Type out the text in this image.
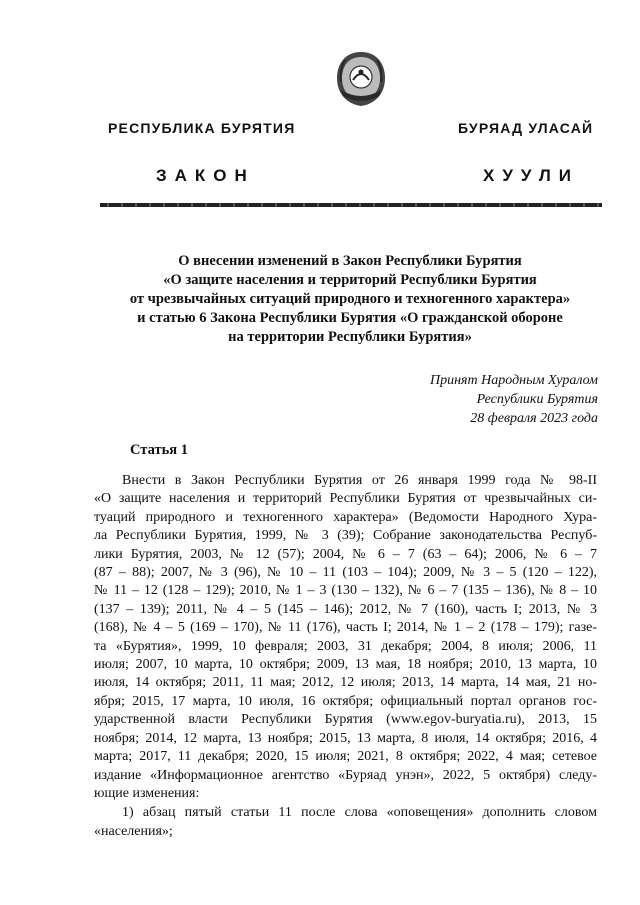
РЕСПУБЛИКА БУРЯТИЯ	БУРЯАД УЛАСАЙ
ЗАКОН	ХУУЛИ
О внесении изменений в Закон Республики Бурятия
«О защите населения и территорий Республики Бурятия
от чрезвычайных ситуаций природного и техногенного характера»
и статью 6 Закона Республики Бурятия «О гражданской обороне
на территории Республики Бурятия»
Принят Народным Хуралом
Республики Бурятия
28 февраля 2023 года
Статья 1
Внести в Закон Республики Бурятия от 26 января 1999 года № 98-II
«О защите населения и территорий Республики Бурятия от чрезвычайных си-
туаций природного и техногенного характера» (Ведомости Народного Хура-
ла Республики Бурятия, 1999, № 3 (39); Собрание законодательства Респуб-
лики Бурятия, 2003, № 12 (57); 2004, № 6 – 7 (63 – 64); 2006, № 6 – 7
(87 – 88); 2007, № 3 (96), № 10 – 11 (103 – 104); 2009, № 3 – 5 (120 – 122),
№ 11 – 12 (128 – 129); 2010, № 1 – 3 (130 – 132), № 6 – 7 (135 – 136), № 8 – 10
(137 – 139); 2011, № 4 – 5 (145 – 146); 2012, № 7 (160), часть I; 2013, № 3
(168), № 4 – 5 (169 – 170), № 11 (176), часть I; 2014, № 1 – 2 (178 – 179); газе-
та «Бурятия», 1999, 10 февраля; 2003, 31 декабря; 2004, 8 июля; 2006, 11
июля; 2007, 10 марта, 10 октября; 2009, 13 мая, 18 ноября; 2010, 13 марта, 10
июля, 14 октября; 2011, 11 мая; 2012, 12 июля; 2013, 14 марта, 14 мая, 21 но-
ября; 2015, 17 марта, 10 июля, 16 октября; официальный портал органов гос-
ударственной власти Республики Бурятия (www.egov-buryatia.ru), 2013, 15
ноября; 2014, 12 марта, 13 ноября; 2015, 13 марта, 8 июля, 14 октября; 2016, 4
марта; 2017, 11 декабря; 2020, 15 июля; 2021, 8 октября; 2022, 4 мая; сетевое
издание «Информационное агентство «Буряад унэн», 2022, 5 октября) следу-
ющие изменения:
1) абзац пятый статьи 11 после слова «оповещения» дополнить словом
«населения»;
